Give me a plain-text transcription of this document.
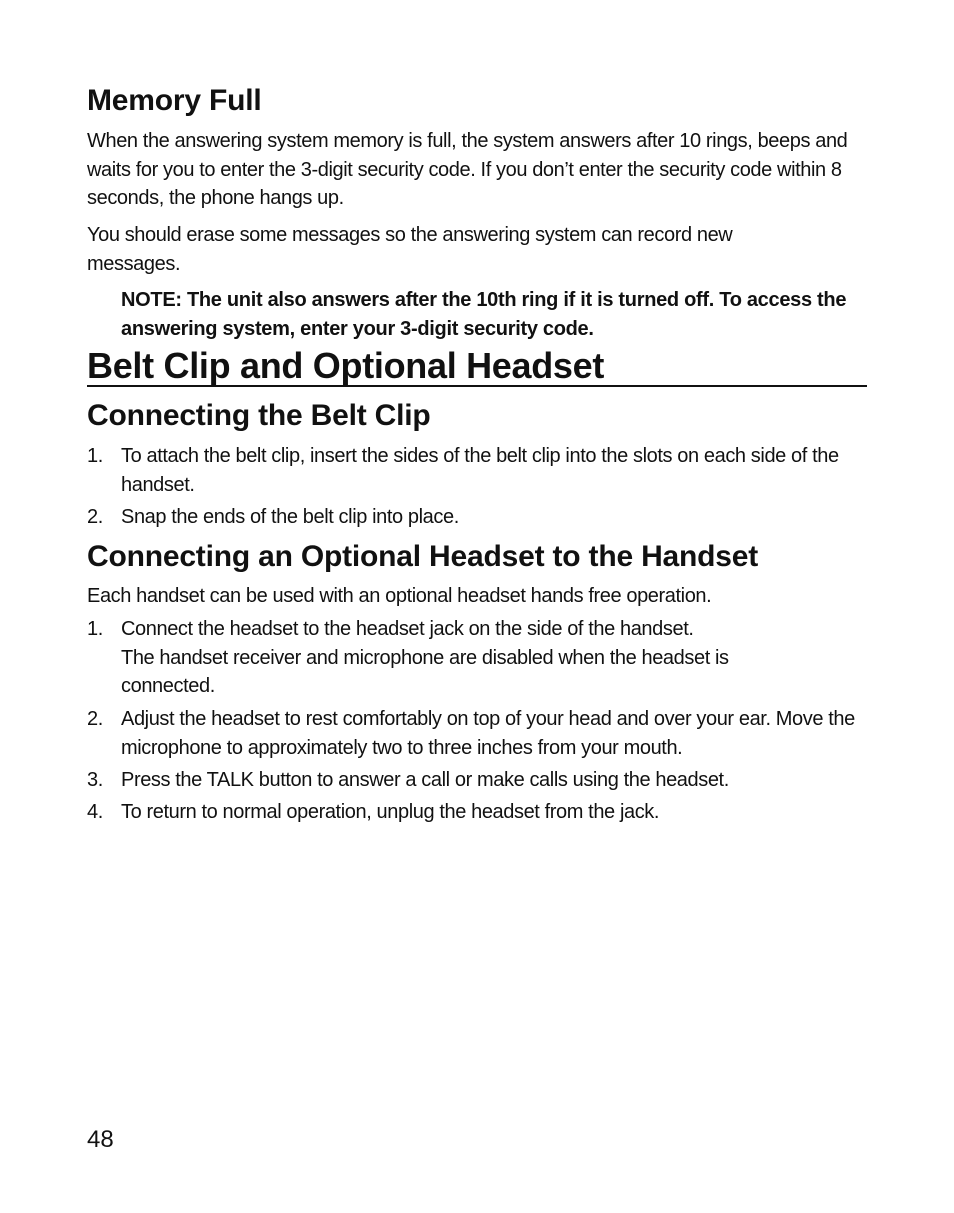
Memory Full

When the answering system memory is full, the system answers after 10 rings, beeps and waits for you to enter the 3-digit security code. If you don’t enter the security code within 8 seconds, the phone hangs up.

You should erase some messages so the answering system can record new messages.

NOTE: The unit also answers after the 10th ring if it is turned off. To access the answering system, enter your 3-digit security code.

Belt Clip and Optional Headset
Connecting the Belt Clip
1. To attach the belt clip, insert the sides of the belt clip into the slots on each side of the handset.
2. Snap the ends of the belt clip into place.
Connecting an Optional Headset to the Handset

Each handset can be used with an optional headset hands free operation.

1. Connect the headset to the headset jack on the side of the handset.
The handset receiver and microphone are disabled when the headset is connected.
2. Adjust the headset to rest comfortably on top of your head and over your ear. Move the microphone to approximately two to three inches from your mouth.
3. Press the TALK button to answer a call or make calls using the headset.
4. To return to normal operation, unplug the headset from the jack.

48
